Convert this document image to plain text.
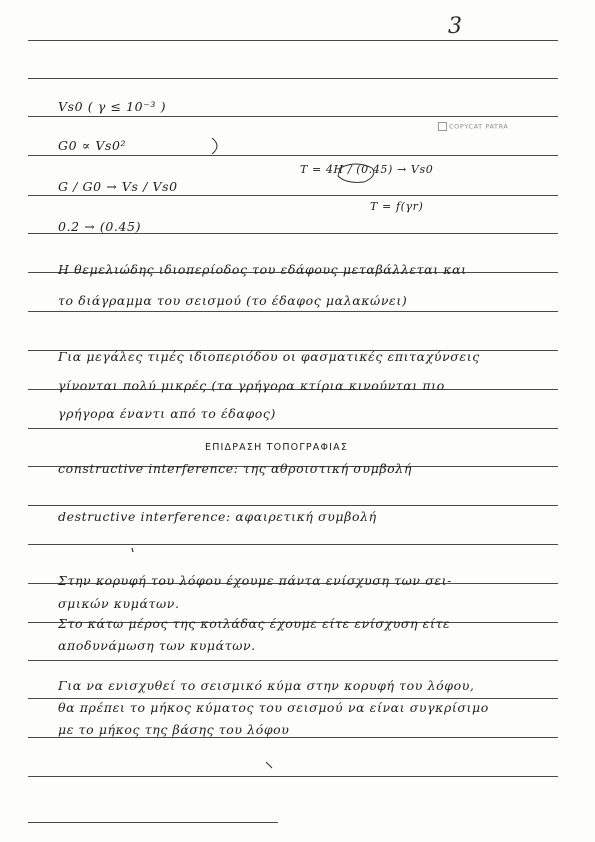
3
COPYCAT PATRA
Vs0 ( γ ≤ 10⁻³ )
G0 ∝ Vs0²
G / G0 → Vs / Vs0
0.2 → (0.45)
Τ = 4H / (0.45) → Vs0
T = f(γr)
Η θεμελιώδης ιδιοπερίοδος του εδάφους μεταβάλλεται και
το διάγραμμα του σεισμού (το έδαφος μαλακώνει)
Για μεγάλες τιμές ιδιοπεριόδου οι φασματικές επιταχύνσεις
γίνονται πολύ μικρές (τα γρήγορα κτίρια κινούνται πιο
γρήγορα έναντι από το έδαφος)
ΕΠΙΔΡΑΣΗ ΤΟΠΟΓΡΑΦΙΑΣ
constructive interference: της αθροιστική συμβολή
destructive interference: αφαιρετική συμβολή
Στην κορυφή του λόφου έχουμε πάντα ενίσχυση των σει-
σμικών κυμάτων.
Στο κάτω μέρος της κοιλάδας έχουμε είτε ενίσχυση είτε
αποδυνάμωση των κυμάτων.
Για να ενισχυθεί το σεισμικό κύμα στην κορυφή του λόφου,
θα πρέπει το μήκος κύματος του σεισμού να είναι συγκρίσιμο
με το μήκος της βάσης του λόφου
